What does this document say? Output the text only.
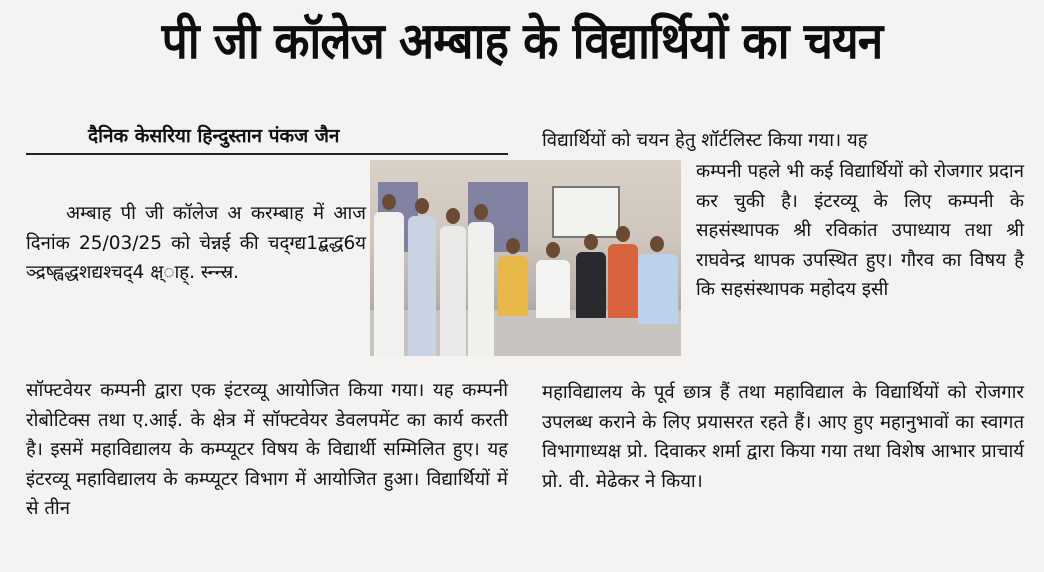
पी जी कॉलेज अम्बाह के विद्यार्थियों का चयन
दैनिक केसरिया हिन्दुस्तान पंकज जैन

अम्बाह पी जी कॉलेज अ करम्बाह में आज दिनांक 25/03/25 को चेन्नई की चद्ग्द्य1द्बद्ध6य ञ्द्रष्ह्वद्धशद्यश्चद्4 क्ष्ाह्. स्न्न्स्र.

सॉफ्टवेयर कम्पनी द्वारा एक इंटरव्यू आयोजित किया गया। यह कम्पनी रोबोटिक्स तथा ए.आई. के क्षेत्र में सॉफ्टवेयर डेवलपमेंट का कार्य करती है। इसमें महाविद्यालय के कम्प्यूटर विषय के विद्यार्थी सम्मिलित हुए। यह इंटरव्यू महाविद्यालय के कम्प्यूटर विभाग में आयोजित हुआ। विद्यार्थियों में से तीन

विद्यार्थियों को चयन हेतु शॉर्टलिस्ट किया गया। यह

कम्पनी पहले भी कई विद्यार्थियों को रोजगार प्रदान कर चुकी है। इंटरव्यू के लिए कम्पनी के सहसंस्थापक श्री रविकांत उपाध्याय तथा श्री राघवेन्द्र थापक उपस्थित हुए। गौरव का विषय है कि सहसंस्थापक महोदय इसी

महाविद्यालय के पूर्व छात्र हैं तथा महाविद्याल के विद्यार्थियों को रोजगार उपलब्ध कराने के लिए प्रयासरत रहते हैं। आए हुए महानुभावों का स्वागत विभागाध्यक्ष प्रो. दिवाकर शर्मा द्वारा किया गया तथा विशेष आभार प्राचार्य प्रो. वी. मेढेकर ने किया।
